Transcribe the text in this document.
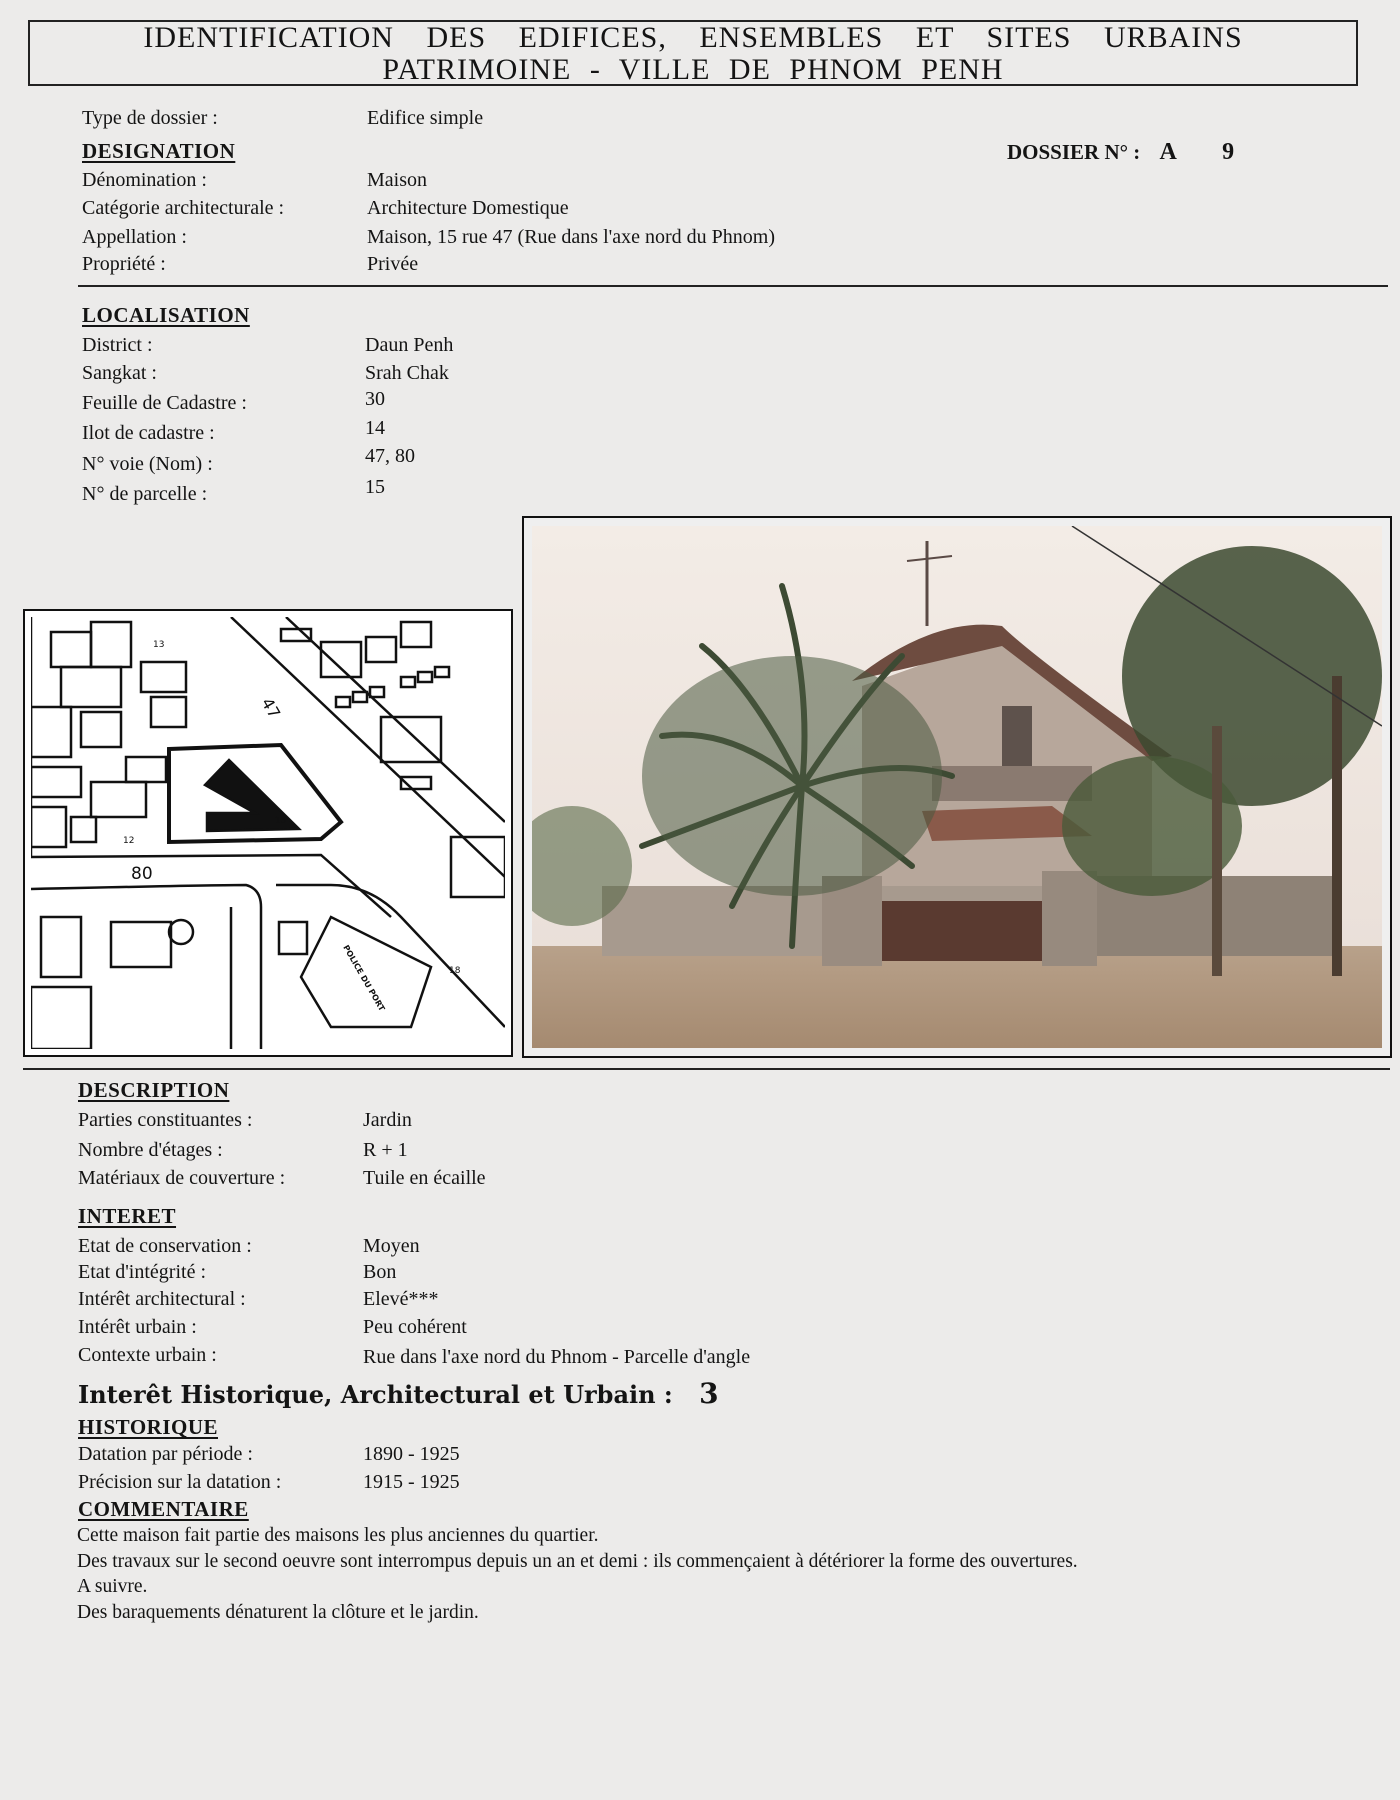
IDENTIFICATION DES EDIFICES, ENSEMBLES ET SITES URBAINS
PATRIMOINE - VILLE DE PHNOM PENH
Type de dossier :	Edifice simple
DESIGNATION	DOSSIER N° : A 9
Dénomination :	Maison
Catégorie architecturale :	Architecture Domestique
Appellation :	Maison, 15 rue 47 (Rue dans l'axe nord du Phnom)
Propriété :	Privée
LOCALISATION
District :	Daun Penh
Sangkat :	Srah Chak
Feuille de Cadastre :	30
Ilot de cadastre :	14
N° voie (Nom) :	47, 80
N° de parcelle :	15
47
80
13
12
15
18
POLICE DU PORT
DESCRIPTION
Parties constituantes :	Jardin
Nombre d'étages :	R + 1
Matériaux de couverture :	Tuile en écaille
INTERET
Etat de conservation :	Moyen
Etat d'intégrité :	Bon
Intérêt architectural :	Elevé***
Intérêt urbain :	Peu cohérent
Contexte urbain :	Rue dans l'axe nord du Phnom - Parcelle d'angle
Interêt Historique, Architectural et Urbain : 3
HISTORIQUE
Datation par période :	1890 - 1925
Précision sur la datation :	1915 - 1925
COMMENTAIRE
Cette maison fait partie des maisons les plus anciennes du quartier.
Des travaux sur le second oeuvre sont interrompus depuis un an et demi : ils commençaient à détériorer la forme des ouvertures.
A suivre.
Des baraquements dénaturent la clôture et le jardin.
